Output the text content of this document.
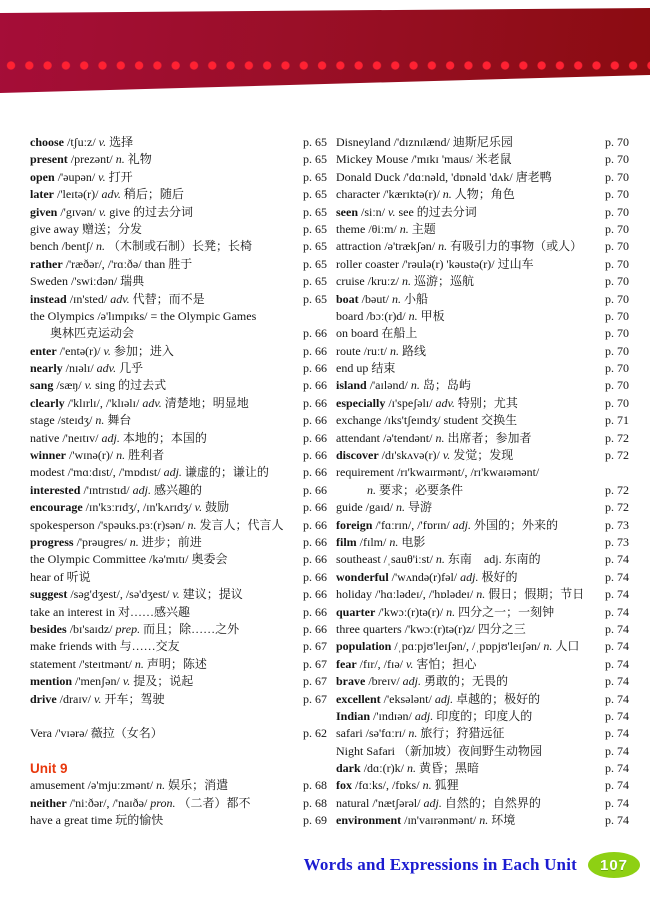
choose /tʃuːz/ v. 选择	p. 65
present /prezənt/ n. 礼物	p. 65
open /'əupən/ v. 打开	p. 65
later /'leɪtə(r)/ adv. 稍后；随后	p. 65
given /'gɪvən/ v. give 的过去分词	p. 65
give away 赠送；分发	p. 65
bench /bentʃ/ n. （木制或石制）长凳；长椅	p. 65
rather /'ræðər/, /'rɑːðə/ than 胜于	p. 65
Sweden /'swiːdən/ 瑞典	p. 65
instead /ɪn'sted/ adv. 代替；而不是	p. 65
the Olympics /ə'lɪmpɪks/ = the Olympic Games
奥林匹克运动会	p. 66
enter /'entə(r)/ v. 参加；进入	p. 66
nearly /nɪəlɪ/ adv. 几乎	p. 66
sang /sæŋ/ v. sing 的过去式	p. 66
clearly /'klɪrlɪ/, /'klɪəlɪ/ adv. 清楚地；明显地	p. 66
stage /steɪdʒ/ n. 舞台	p. 66
native /'neɪtɪv/ adj. 本地的；本国的	p. 66
winner /'wɪnə(r)/ n. 胜利者	p. 66
modest /'mɑːdɪst/, /'mɒdɪst/ adj. 谦虚的；谦让的	p. 66
interested /'ɪntrɪstɪd/ adj. 感兴趣的	p. 66
encourage /ɪn'kɜːrɪdʒ/, /ɪn'kʌrɪdʒ/ v. 鼓励	p. 66
spokesperson /'spəuks.pɜː(r)sən/ n. 发言人；代言人	p. 66
progress /'prəugres/ n. 进步；前进	p. 66
the Olympic Committee /kə'mɪtɪ/ 奥委会	p. 66
hear of 听说	p. 66
suggest /səg'dʒest/, /sə'dʒest/ v. 建议；提议	p. 66
take an interest in 对……感兴趣	p. 66
besides /bɪ'saɪdz/ prep. 而且；除……之外	p. 66
make friends with 与……交友	p. 67
statement /'steɪtmənt/ n. 声明；陈述	p. 67
mention /'menʃən/ v. 提及；说起	p. 67
drive /draɪv/ v. 开车；驾驶	p. 67
Vera /'vɪərə/ 薇拉（女名）	p. 62
Unit 9
amusement /ə'mjuːzmənt/ n. 娱乐；消遣	p. 68
neither /'niːðər/, /'naɪðə/ pron. （二者）都不	p. 68
have a great time 玩的愉快	p. 69
Disneyland /'dɪznɪlænd/ 迪斯尼乐园	p. 70
Mickey Mouse /'mɪkɪ 'maus/ 米老鼠	p. 70
Donald Duck /'dɑːnəld, 'dɒnəld 'dʌk/ 唐老鸭	p. 70
character /'kærɪktə(r)/ n. 人物；角色	p. 70
seen /siːn/ v. see 的过去分词	p. 70
theme /θiːm/ n. 主题	p. 70
attraction /ə'trækʃən/ n. 有吸引力的事物（或人）	p. 70
roller coaster /'rəulə(r) 'kəustə(r)/ 过山车	p. 70
cruise /kruːz/ n. 巡游；巡航	p. 70
boat /bəut/ n. 小船	p. 70
board /bɔː(r)d/ n. 甲板	p. 70
on board 在船上	p. 70
route /ruːt/ n. 路线	p. 70
end up 结束	p. 70
island /'aɪlənd/ n. 岛；岛屿	p. 70
especially /ɪ'speʃəlɪ/ adv. 特别；尤其	p. 70
exchange /ɪks'tʃeɪndʒ/ student 交换生	p. 71
attendant /ə'tendənt/ n. 出席者；参加者	p. 72
discover /dɪ'skʌvə(r)/ v. 发觉；发现	p. 72
requirement /rɪ'kwaɪrmənt/, /rɪ'kwaɪəmənt/
n. 要求；必要条件	p. 72
guide /gaɪd/ n. 导游	p. 72
foreign /'fɑːrɪn/, /'fɒrɪn/ adj. 外国的；外来的	p. 73
film /fɪlm/ n. 电影	p. 73
southeast /ˌsauθ'iːst/ n. 东南　adj. 东南的	p. 74
wonderful /'wʌndə(r)fəl/ adj. 极好的	p. 74
holiday /'hɑːlədeɪ/, /'hɒlədeɪ/ n. 假日；假期；节日	p. 74
quarter /'kwɔː(r)tə(r)/ n. 四分之一；一刻钟	p. 74
three quarters /'kwɔː(r)tə(r)z/ 四分之三	p. 74
population /ˌpɑːpjʊ'leɪʃən/, /ˌpɒpjʊ'leɪʃən/ n. 人口	p. 74
fear /fɪr/, /fɪə/ v. 害怕；担心	p. 74
brave /breɪv/ adj. 勇敢的；无畏的	p. 74
excellent /'eksələnt/ adj. 卓越的；极好的	p. 74
Indian /'ɪndɪən/ adj. 印度的；印度人的	p. 74
safari /sə'fɑːrɪ/ n. 旅行；狩猎远征	p. 74
Night Safari （新加坡）夜间野生动物园	p. 74
dark /dɑː(r)k/ n. 黄昏；黑暗	p. 74
fox /fɑːks/, /fɒks/ n. 狐狸	p. 74
natural /'nætʃərəl/ adj. 自然的；自然界的	p. 74
environment /ɪn'vaɪrənmənt/ n. 环境	p. 74
Words and Expressions in Each Unit	107
